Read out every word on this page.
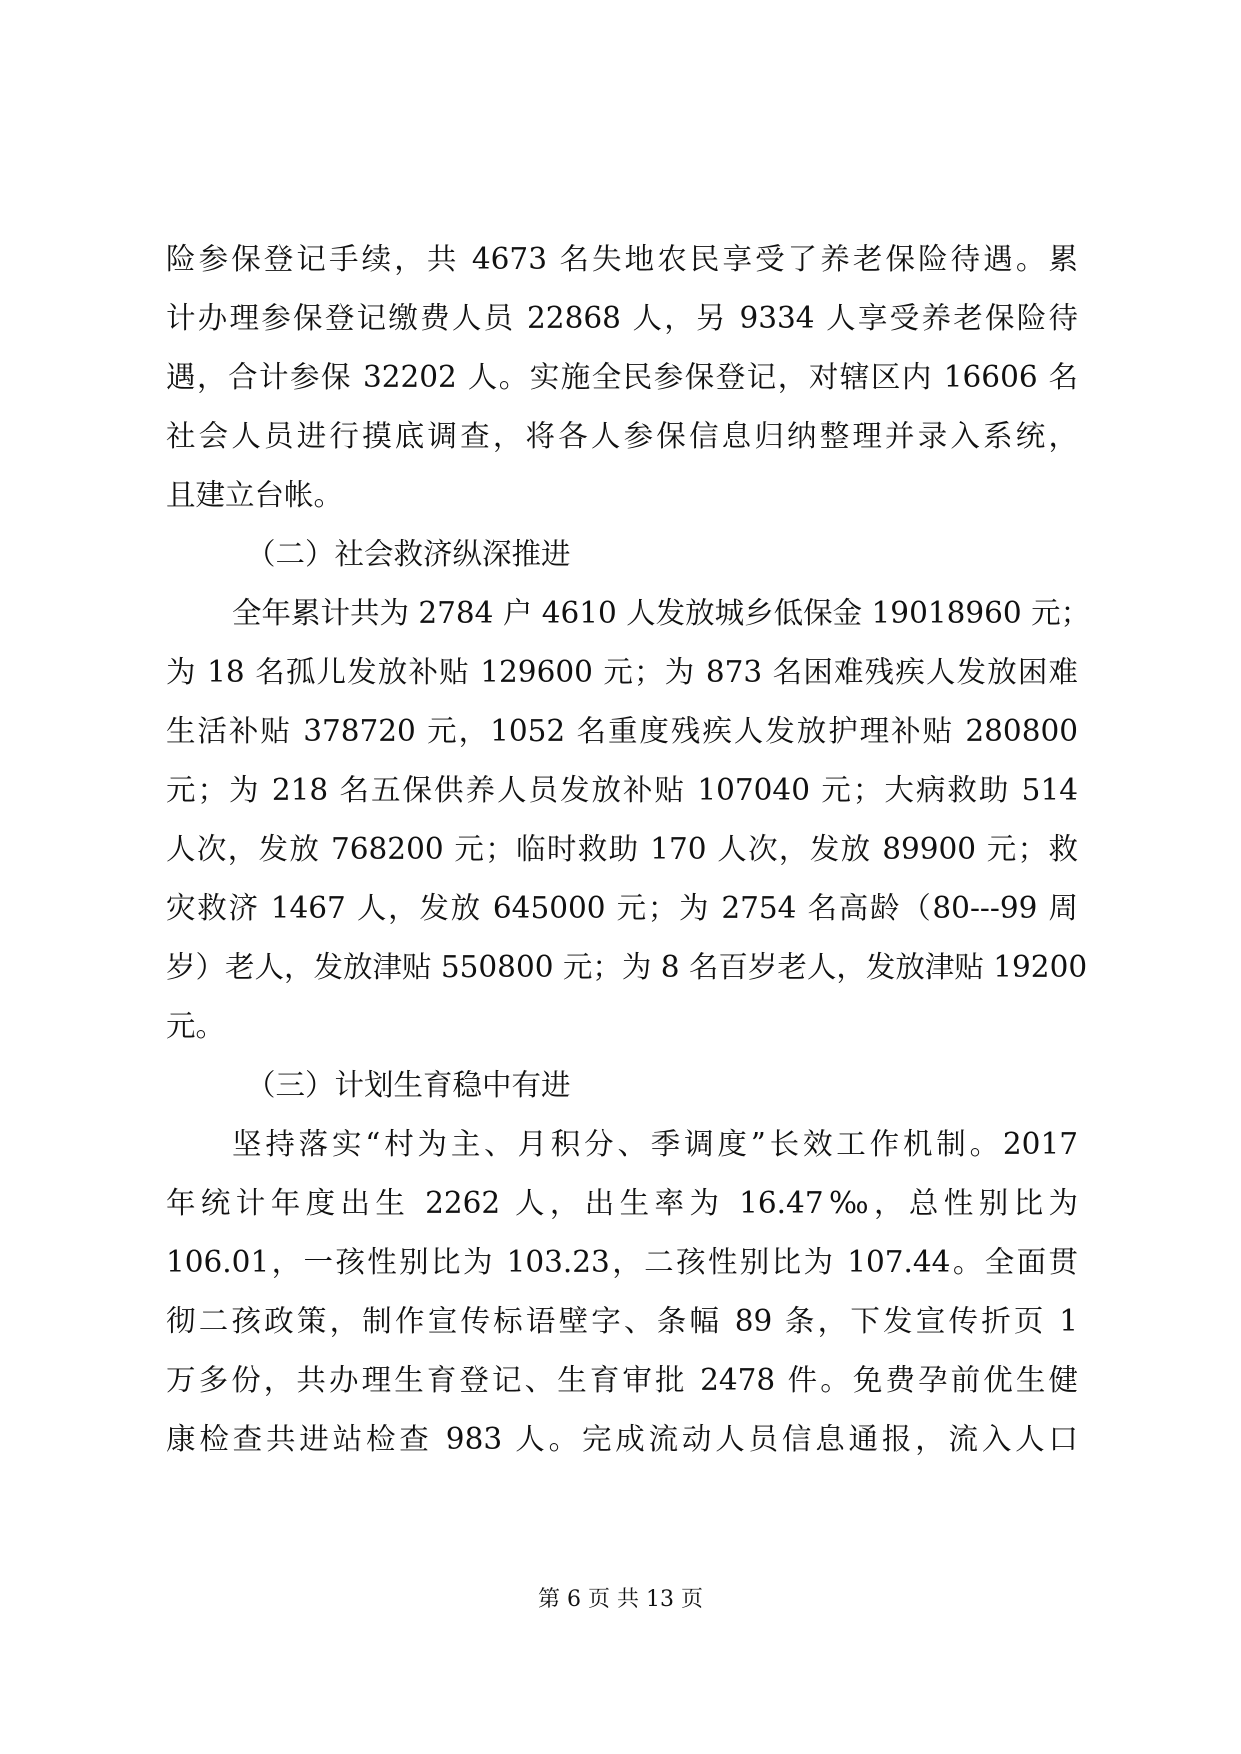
险参保登记手续，共 4673 名失地农民享受了养老保险待遇。累
计办理参保登记缴费人员 22868 人，另 9334 人享受养老保险待
遇，合计参保 32202 人。实施全民参保登记，对辖区内 16606 名
社会人员进行摸底调查，将各人参保信息归纳整理并录入系统，
且建立台帐。
（二）社会救济纵深推进
全年累计共为 2784 户 4610 人发放城乡低保金 19018960 元；
为 18 名孤儿发放补贴 129600 元；为 873 名困难残疾人发放困难
生活补贴 378720 元，1052 名重度残疾人发放护理补贴 280800
元；为 218 名五保供养人员发放补贴 107040 元；大病救助 514
人次，发放 768200 元；临时救助 170 人次，发放 89900 元；救
灾救济 1467 人，发放 645000 元；为 2754 名高龄（80---99 周
岁）老人，发放津贴 550800 元；为 8 名百岁老人，发放津贴 19200
元。
（三）计划生育稳中有进
坚持落实“村为主、月积分、季调度”长效工作机制。2017
年统计年度出生 2262 人，出生率为 16.47‰，总性别比为
106.01，一孩性别比为 103.23，二孩性别比为 107.44。全面贯
彻二孩政策，制作宣传标语壁字、条幅 89 条，下发宣传折页 1
万多份，共办理生育登记、生育审批 2478 件。免费孕前优生健
康检查共进站检查 983 人。完成流动人员信息通报，流入人口
第 6 页 共 13 页
